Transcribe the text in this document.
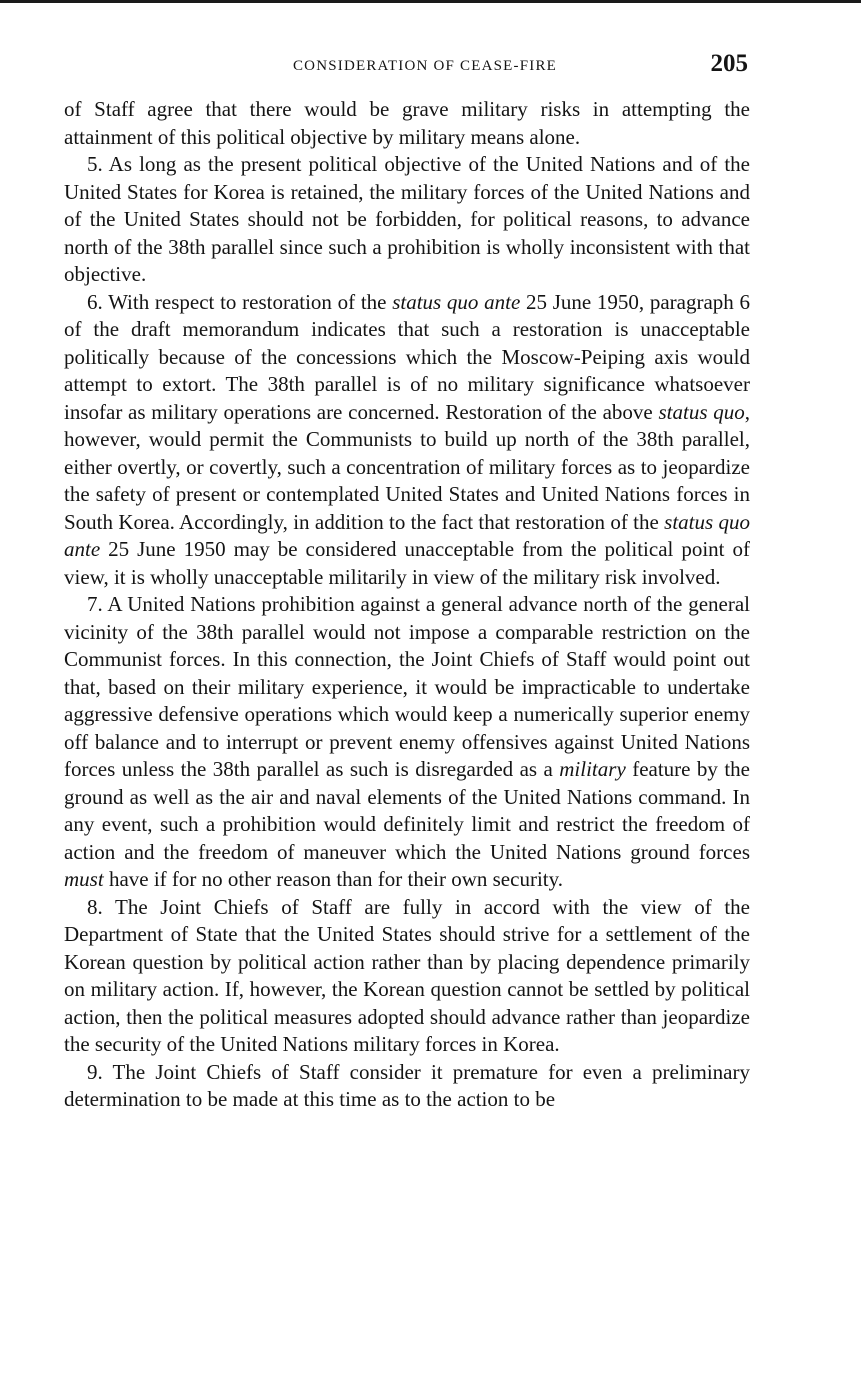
CONSIDERATION OF CEASE-FIRE	205

of Staff agree that there would be grave military risks in attempting the attainment of this political objective by military means alone.

5. As long as the present political objective of the United Nations and of the United States for Korea is retained, the military forces of the United Nations and of the United States should not be forbidden, for political reasons, to advance north of the 38th parallel since such a prohibition is wholly inconsistent with that objective.

6. With respect to restoration of the status quo ante 25 June 1950, paragraph 6 of the draft memorandum indicates that such a restoration is unacceptable politically because of the concessions which the Moscow-Peiping axis would attempt to extort. The 38th parallel is of no military significance whatsoever insofar as military operations are concerned. Restoration of the above status quo, however, would permit the Communists to build up north of the 38th parallel, either overtly, or covertly, such a concentration of military forces as to jeopardize the safety of present or contemplated United States and United Nations forces in South Korea. Accordingly, in addition to the fact that restoration of the status quo ante 25 June 1950 may be considered unacceptable from the political point of view, it is wholly unacceptable militarily in view of the military risk involved.

7. A United Nations prohibition against a general advance north of the general vicinity of the 38th parallel would not impose a comparable restriction on the Communist forces. In this connection, the Joint Chiefs of Staff would point out that, based on their military experience, it would be impracticable to undertake aggressive defensive operations which would keep a numerically superior enemy off balance and to interrupt or prevent enemy offensives against United Nations forces unless the 38th parallel as such is disregarded as a military feature by the ground as well as the air and naval elements of the United Nations command. In any event, such a prohibition would definitely limit and restrict the freedom of action and the freedom of maneuver which the United Nations ground forces must have if for no other reason than for their own security.

8. The Joint Chiefs of Staff are fully in accord with the view of the Department of State that the United States should strive for a settlement of the Korean question by political action rather than by placing dependence primarily on military action. If, however, the Korean question cannot be settled by political action, then the political measures adopted should advance rather than jeopardize the security of the United Nations military forces in Korea.

9. The Joint Chiefs of Staff consider it premature for even a preliminary determination to be made at this time as to the action to be
